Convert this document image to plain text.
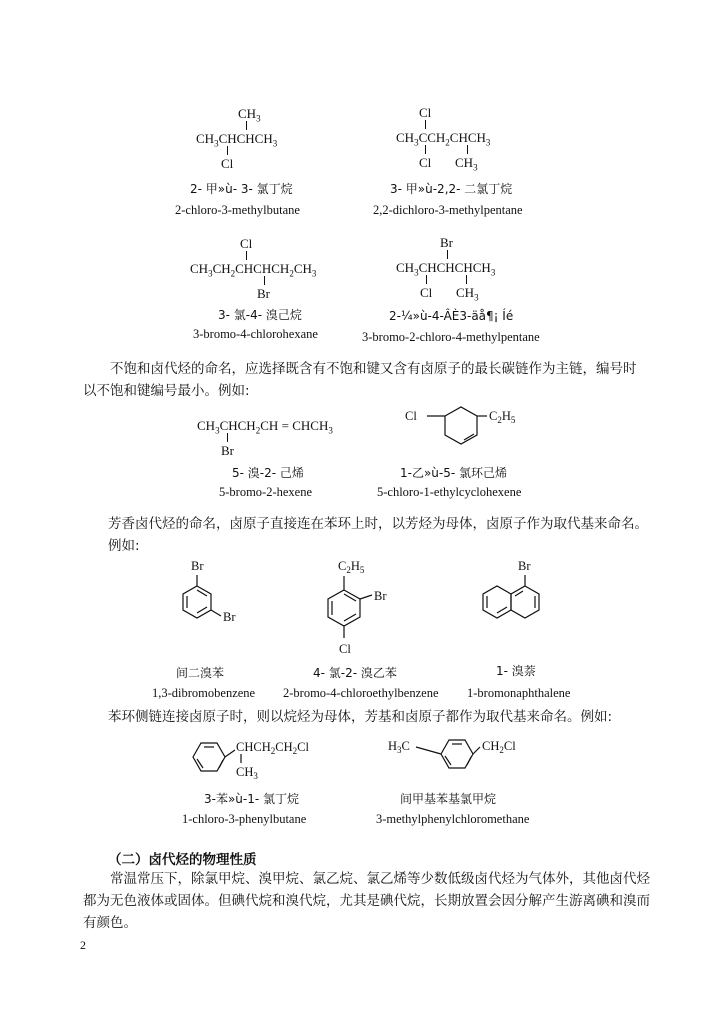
$CH_3$
$CH_3CHCHCH_3$
Cl
2- 甲»ù- 3- 氯丁烷
2-chloro-3-methylbutane
Cl
$CH_3CCH_2CHCH_3$
Cl $CH_3$
3- 甲»ù-2,2- 二氯丁烷
2,2-dichloro-3-methylpentane
Cl
$CH_3CH_2CHCHCH_2CH_3$
Br
3- 氯-4- 溴己烷
3-bromo-4-chlorohexane
Br
$CH_3CHCHCHCH_3$
Cl $CH_3$
2-¼»ù-4-ÂÈ3-äå¶¡ Íé
3-bromo-2-chloro-4-methylpentane
不饱和卤代烃的命名，应选择既含有不饱和键又含有卤原子的最长碳链作为主链，编号时以不饱和键编号最小。例如:
$CH_3CHCH_2CH$ = $CHCH_3$
Br
5- 溴-2- 己烯
5-bromo-2-hexene
Cl	$C_2H_5$
1-乙»ù-5- 氯环己烯
5-chloro-1-ethylcyclohexene
芳香卤代烃的命名，卤原子直接连在苯环上时，以芳烃为母体，卤原子作为取代基来命名。例如:
Br
Br
间二溴苯
1,3-dibromobenzene
$C_2H_5$
Br
Cl
4- 氯-2- 溴乙苯
2-bromo-4-chloroethylbenzene
Br
1- 溴萘
1-bromonaphthalene
苯环侧链连接卤原子时，则以烷烃为母体，芳基和卤原子都作为取代基来命名。例如:
$CHCH_2CH_2Cl$
$CH_3$
3-苯»ù-1- 氯丁烷
1-chloro-3-phenylbutane
$H_3C$	$CH_2Cl$
间甲基苯基氯甲烷
3-methylphenylchloromethane
（二）卤代烃的物理性质
常温常压下，除氯甲烷、溴甲烷、氯乙烷、氯乙烯等少数低级卤代烃为气体外，其他卤代烃都为无色液体或固体。但碘代烷和溴代烷，尤其是碘代烷，长期放置会因分解产生游离碘和溴而有颜色。
2
